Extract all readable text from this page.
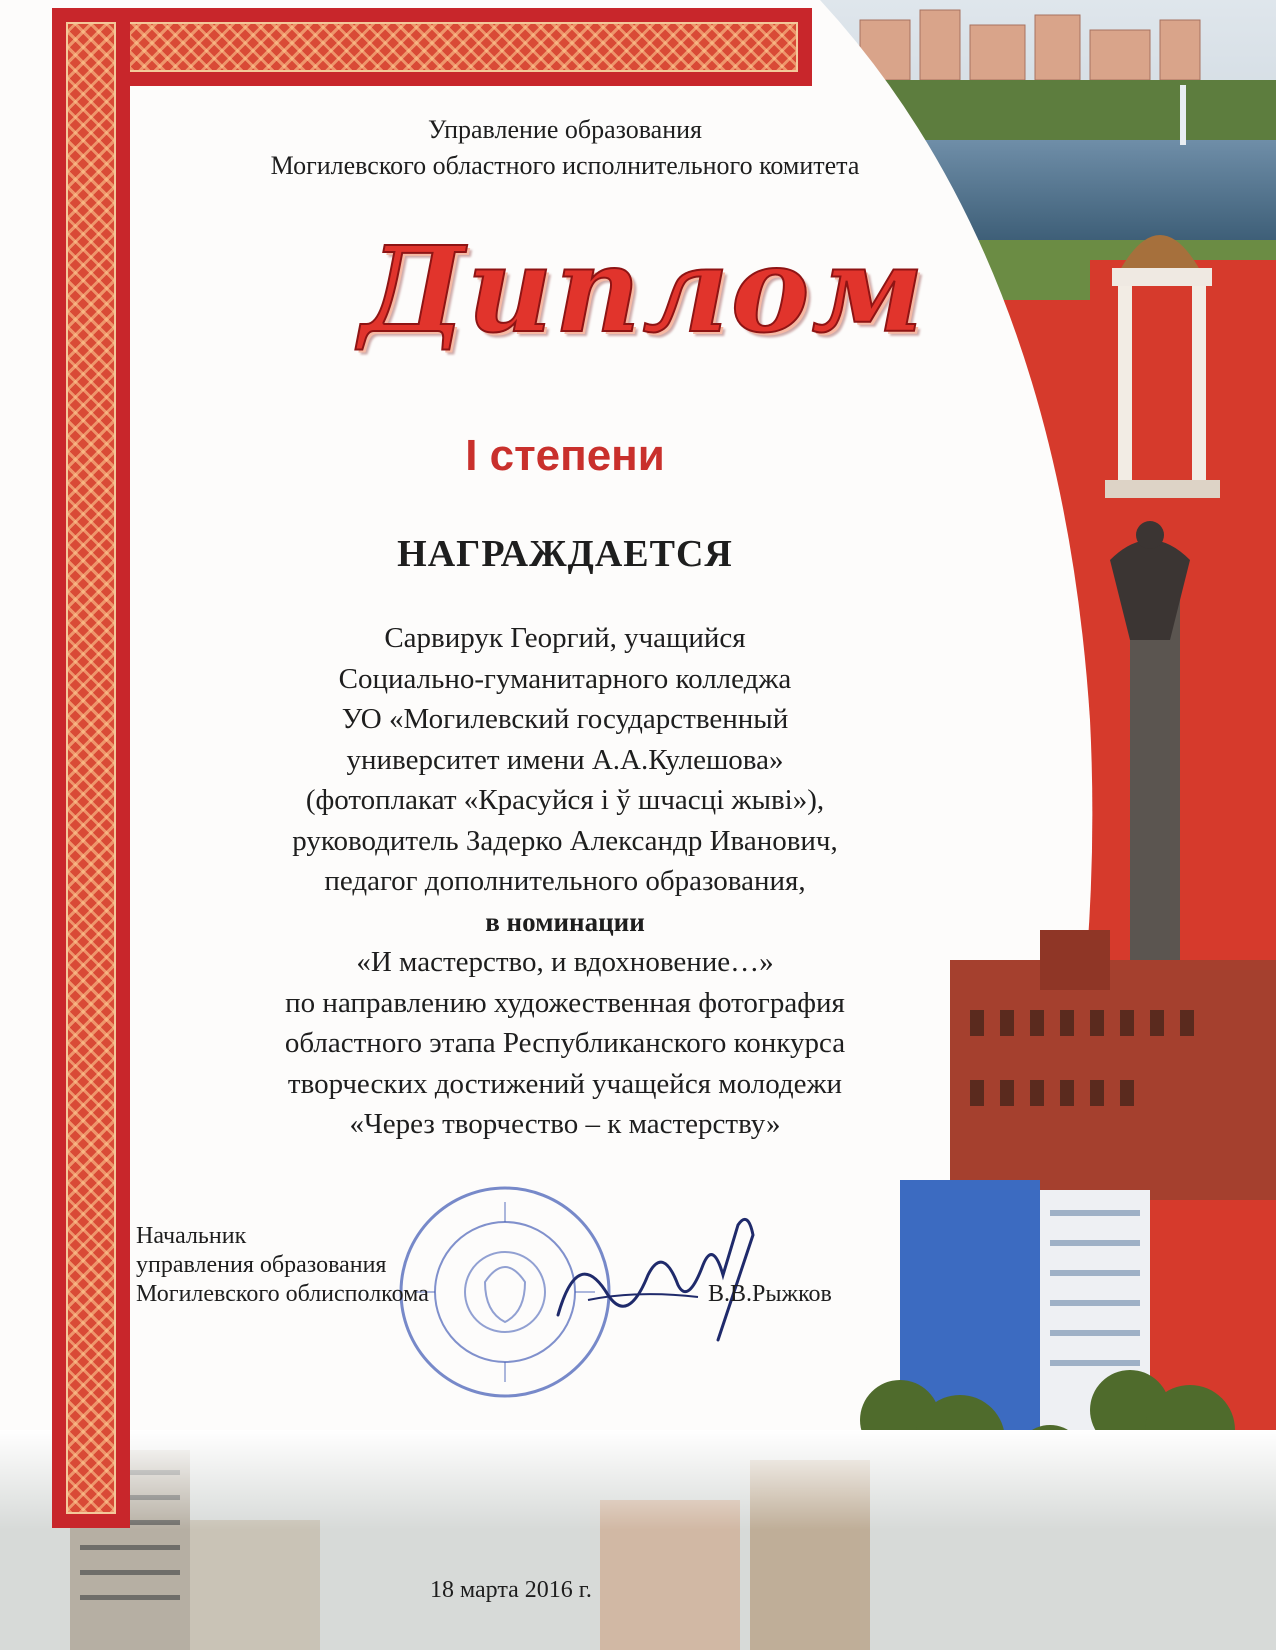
Управление образования
Могилевского областного исполнительного комитета
Диплом
I степени
НАГРАЖДАЕТСЯ
Сарвирук Георгий, учащийся
Социально-гуманитарного колледжа
УО «Могилевский государственный
университет имени А.А.Кулешова»
(фотоплакат «Красуйся і ў шчасці жыві»),
руководитель Задерко Александр Иванович,
педагог дополнительного образования,
в номинации
«И мастерство, и вдохновение…»
по направлению художественная фотография
областного этапа Республиканского конкурса
творческих достижений учащейся молодежи
«Через творчество – к мастерству»
Начальник
управления образования
Могилевского облисполкома	В.В.Рыжков
18 марта 2016 г.
